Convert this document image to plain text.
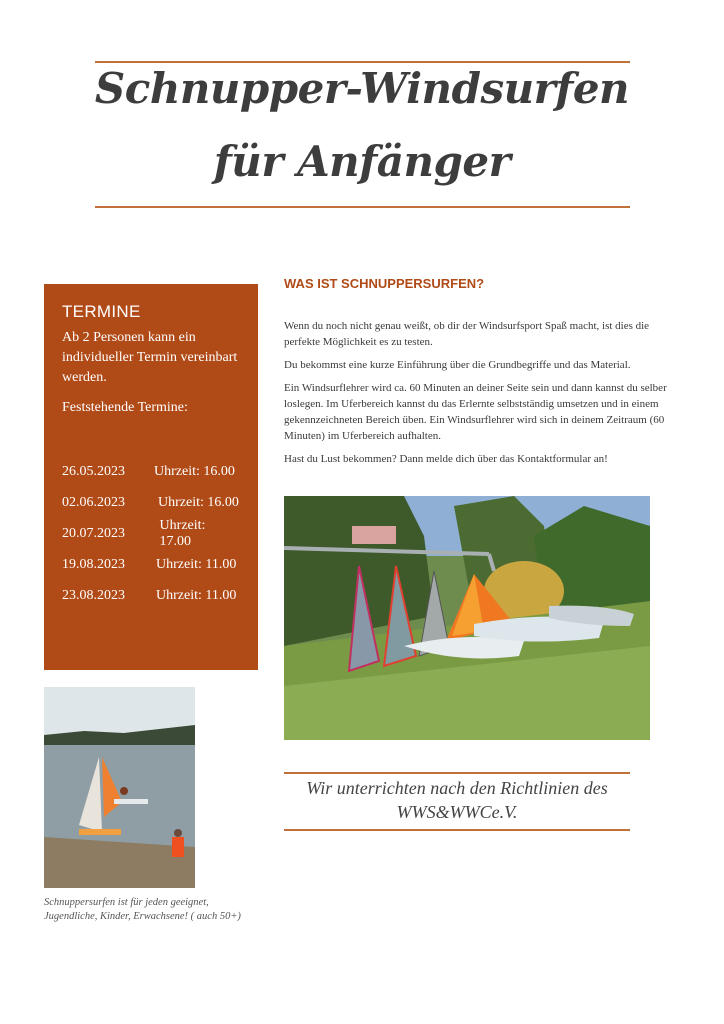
Schnupper-Windsurfen
für Anfänger
TERMINE

Ab 2 Personen kann ein individueller Termin vereinbart werden.

Feststehende Termine:

26.05.2023	Uhrzeit: 16.00
02.06.2023	Uhrzeit: 16.00
20.07.2023
Uhrzeit: 17.00
19.08.2023	Uhrzeit: 11.00
23.08.2023	Uhrzeit: 11.00
WAS IST SCHNUPPERSURFEN?

Wenn du noch nicht genau weißt, ob dir der Windsurfsport Spaß macht, ist dies die perfekte Möglichkeit es zu testen.

Du bekommst eine kurze Einführung über die Grundbegriffe und das Material.

Ein Windsurflehrer wird ca. 60 Minuten an deiner Seite sein und dann kannst du selber loslegen. Im Uferbereich kannst du das Erlernte selbstständig umsetzen und in einem gekennzeichneten Bereich üben. Ein Windsurflehrer wird sich in deinem Zeitraum (60 Minuten) im Uferbereich aufhalten.

Hast du Lust bekommen? Dann melde dich über das Kontaktformular an!

Schnuppersurfen ist für jeden geeignet, Jugendliche, Kinder, Erwachsene! ( auch 50+)

Wir unterrichten nach den Richtlinien des WWS&WWCe.V.
